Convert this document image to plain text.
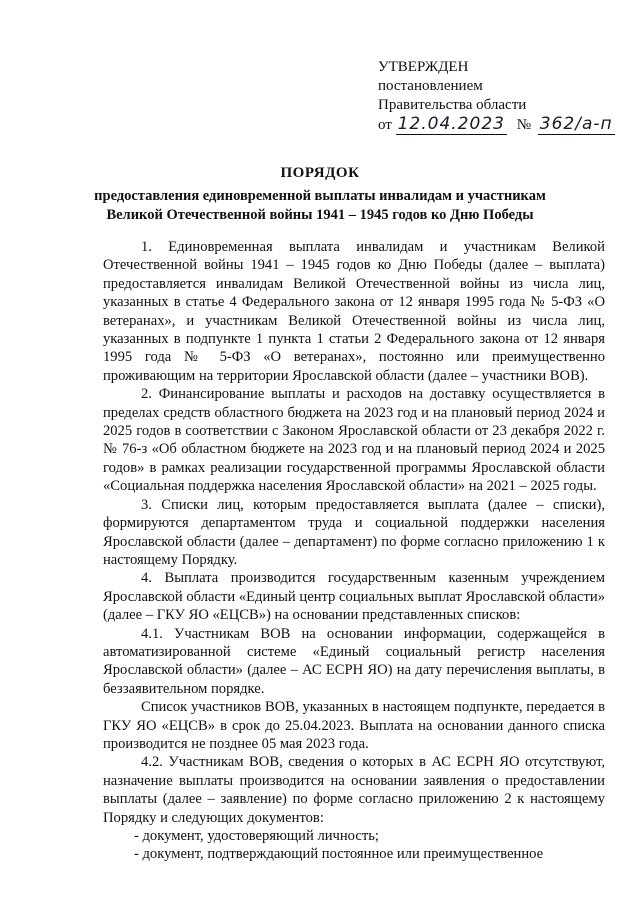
УТВЕРЖДЕН
постановлением
Правительства области
от 12.04.2023 № 362/а-п
ПОРЯДОК
предоставления единовременной выплаты инвалидам и участникам
Великой Отечественной войны 1941 – 1945 годов ко Дню Победы

1. Единовременная выплата инвалидам и участникам Великой Отечественной войны 1941 – 1945 годов ко Дню Победы (далее – выплата) предоставляется инвалидам Великой Отечественной войны из числа лиц, указанных в статье 4 Федерального закона от 12 января 1995 года № 5-ФЗ «О ветеранах», и участникам Великой Отечественной войны из числа лиц, указанных в подпункте 1 пункта 1 статьи 2 Федерального закона от 12 января 1995 года № 5-ФЗ «О ветеранах», постоянно или преимущественно проживающим на территории Ярославской области (далее – участники ВОВ).

2. Финансирование выплаты и расходов на доставку осуществляется в пределах средств областного бюджета на 2023 год и на плановый период 2024 и 2025 годов в соответствии с Законом Ярославской области от 23 декабря 2022 г. № 76-з «Об областном бюджете на 2023 год и на плановый период 2024 и 2025 годов» в рамках реализации государственной программы Ярославской области «Социальная поддержка населения Ярославской области» на 2021 – 2025 годы.

3. Списки лиц, которым предоставляется выплата (далее – списки), формируются департаментом труда и социальной поддержки населения Ярославской области (далее – департамент) по форме согласно приложению 1 к настоящему Порядку.

4. Выплата производится государственным казенным учреждением Ярославской области «Единый центр социальных выплат Ярославской области» (далее – ГКУ ЯО «ЕЦСВ») на основании представленных списков:

4.1. Участникам ВОВ на основании информации, содержащейся в автоматизированной системе «Единый социальный регистр населения Ярославской области» (далее – АС ЕСРН ЯО) на дату перечисления выплаты, в беззаявительном порядке.

Список участников ВОВ, указанных в настоящем подпункте, передается в ГКУ ЯО «ЕЦСВ» в срок до 25.04.2023. Выплата на основании данного списка производится не позднее 05 мая 2023 года.

4.2. Участникам ВОВ, сведения о которых в АС ЕСРН ЯО отсутствуют, назначение выплаты производится на основании заявления о предоставлении выплаты (далее – заявление) по форме согласно приложению 2 к настоящему Порядку и следующих документов:

- документ, удостоверяющий личность;

- документ, подтверждающий постоянное или преимущественное
